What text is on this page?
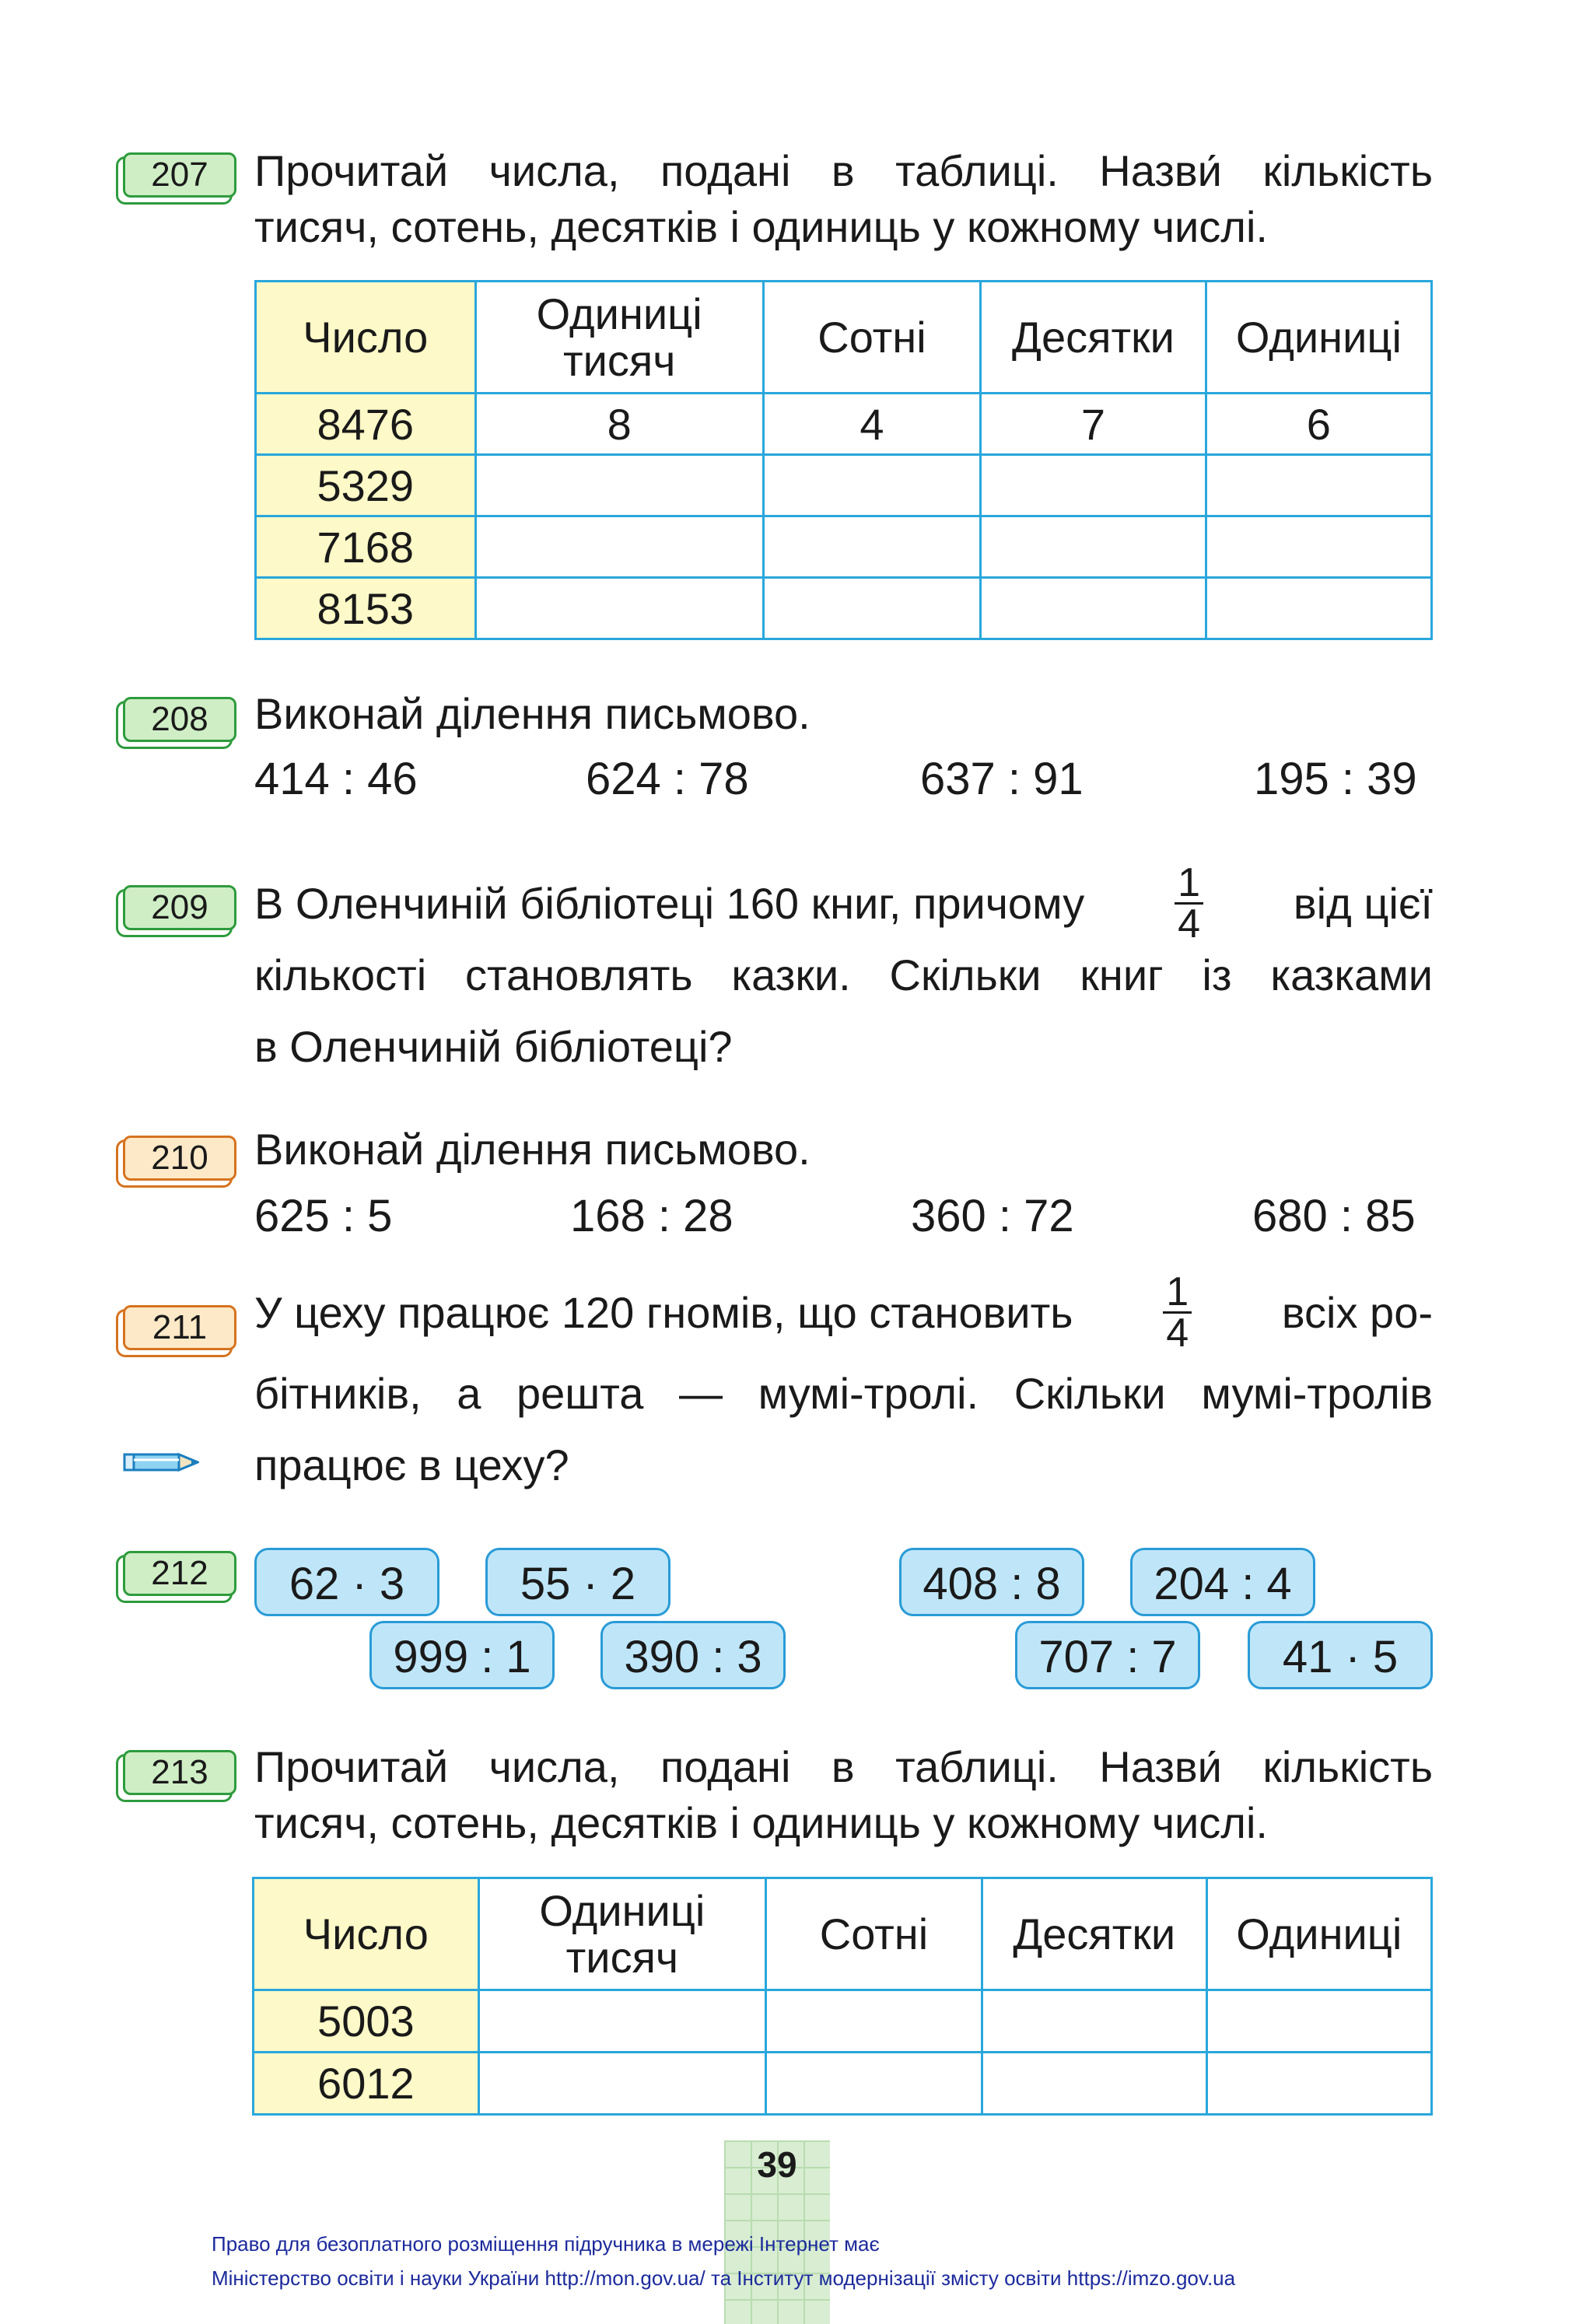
207	Прочитай числа, подані в таблиці. Назви́ кількість
тисяч, сотень, десятків і одиниць у кожному числі.
Число	Одиниці тисяч	Сотні	Десятки	Одиниці
8476	8	4	7	6
5329				
7168				
8153				
208	Виконай ділення письмово.
414 : 46	624 : 78	637 : 91	195 : 39
209	В Оленчиній бібліотеці 160 книг, причому $\frac{1}{4}$ від цієї
кількості становлять казки. Скільки книг із казками
в Оленчиній бібліотеці?
210	Виконай ділення письмово.
625 : 5	168 : 28	360 : 72	680 : 85
211	У цеху працює 120 гномів, що становить $\frac{1}{4}$ всіх ро-
бітників, а решта — мумі-тролі. Скільки мумі-тролів
працює в цеху?
212	62 · 3	55 · 2
999 : 1	390 : 3
408 : 8	204 : 4
707 : 7	41 · 5
213	Прочитай числа, подані в таблиці. Назви́ кількість
тисяч, сотень, десятків і одиниць у кожному числі.
Число	Одиниці тисяч	Сотні	Десятки	Одиниці
5003				
6012				
39
Право для безоплатного розміщення підручника в мережі Інтернет має
Міністерство освіти і науки України http://mon.gov.ua/ та Інститут модернізації змісту освіти https://imzo.gov.ua
